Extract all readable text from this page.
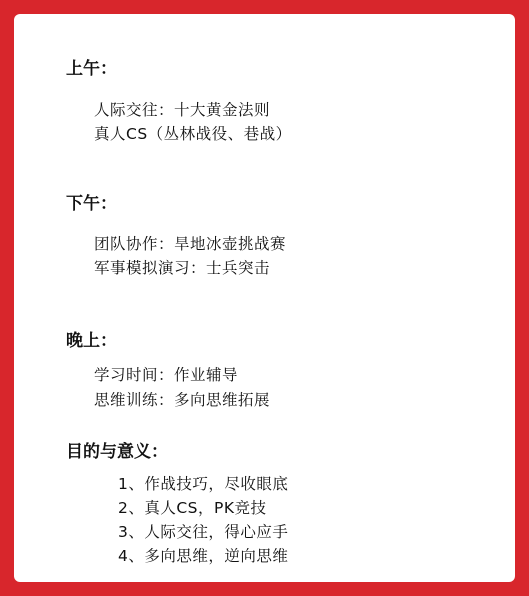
上午：
人际交往：十大黄金法则
真人CS（丛林战役、巷战）
下午：
团队协作：旱地冰壶挑战赛
军事模拟演习：士兵突击
晚上：
学习时间：作业辅导
思维训练：多向思维拓展
目的与意义：
1、作战技巧，尽收眼底
2、真人CS，PK竞技
3、人际交往，得心应手
4、多向思维，逆向思维
